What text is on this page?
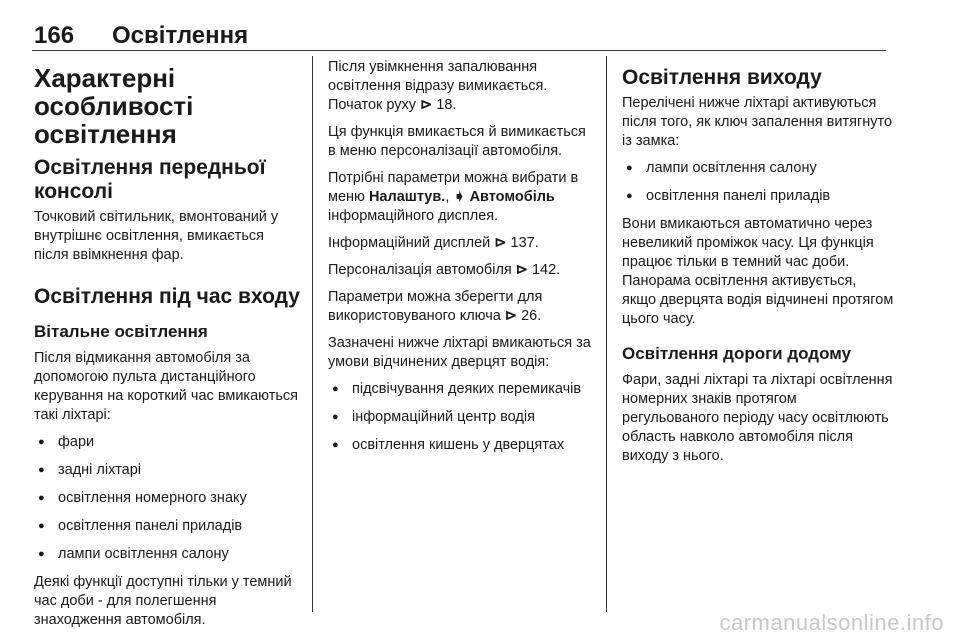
166 Освітлення
Характерні
особливості
освітлення
Освітлення передньої
консолі

Точковий світильник, вмонтований у внутрішнє освітлення, вмикається після ввімкнення фар.

Освітлення під час входу
Вітальне освітлення

Після відмикання автомобіля за допомогою пульта дистанційного керування на короткий час вмикаються такі ліхтарі:

● фари
● задні ліхтарі
● освітлення номерного знаку
● освітлення панелі приладів
● лампи освітлення салону

Деякі функції доступні тільки у темний час доби - для полегшення знаходження автомобіля.

Після увімкнення запалювання освітлення відразу вимикається. Початок руху ⊳ 18.

Ця функція вмикається й вимикається в меню персоналізації автомобіля.

Потрібні параметри можна вибрати в меню Налаштув., ➧ Автомобіль інформаційного дисплея.

Інформаційний дисплей ⊳ 137.

Персоналізація автомобіля ⊳ 142.

Параметри можна зберегти для використовуваного ключа ⊳ 26.

Зазначені нижче ліхтарі вмикаються за умови відчинених дверцят водія:

● підсвічування деяких перемикачів
● інформаційний центр водія
● освітлення кишень у дверцятах
Освітлення виходу

Перелічені нижче ліхтарі активуються після того, як ключ запалення витягнуто із замка:

● лампи освітлення салону
● освітлення панелі приладів

Вони вмикаються автоматично через невеликий проміжок часу. Ця функція працює тільки в темний час доби. Панорама освітлення активується, якщо дверцята водія відчинені протягом цього часу.

Освітлення дороги додому

Фари, задні ліхтарі та ліхтарі освітлення номерних знаків протягом регульованого періоду часу освітлюють область навколо автомобіля після виходу з нього.

carmanualsonline.info
